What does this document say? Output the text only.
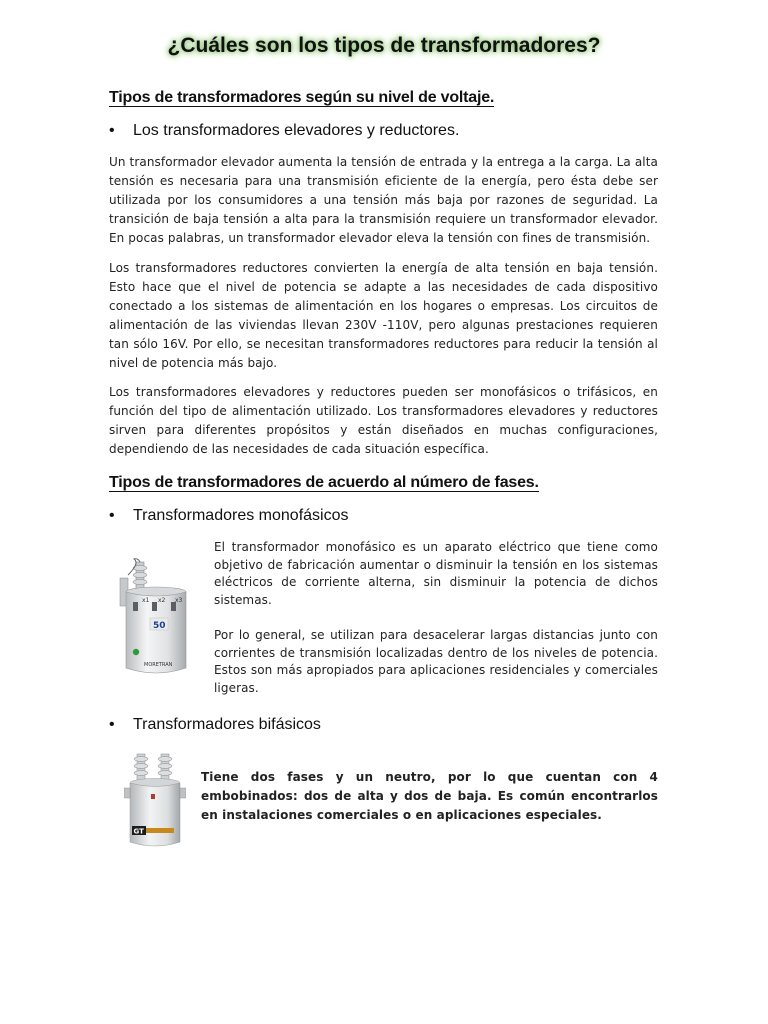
¿Cuáles son los tipos de transformadores?
Tipos de transformadores según su nivel de voltaje.
• Los transformadores elevadores y reductores.
Un transformador elevador aumenta la tensión de entrada y la entrega a la carga. La alta tensión es necesaria para una transmisión eficiente de la energía, pero ésta debe ser utilizada por los consumidores a una tensión más baja por razones de seguridad. La transición de baja tensión a alta para la transmisión requiere un transformador elevador. En pocas palabras, un transformador elevador eleva la tensión con fines de transmisión.
Los transformadores reductores convierten la energía de alta tensión en baja tensión. Esto hace que el nivel de potencia se adapte a las necesidades de cada dispositivo conectado a los sistemas de alimentación en los hogares o empresas. Los circuitos de alimentación de las viviendas llevan 230V -110V, pero algunas prestaciones requieren tan sólo 16V. Por ello, se necesitan transformadores reductores para reducir la tensión al nivel de potencia más bajo.
Los transformadores elevadores y reductores pueden ser monofásicos o trifásicos, en función del tipo de alimentación utilizado. Los transformadores elevadores y reductores sirven para diferentes propósitos y están diseñados en muchas configuraciones, dependiendo de las necesidades de cada situación específica.
Tipos de transformadores de acuerdo al número de fases.
• Transformadores monofásicos
x1 x2 x3
50
MORETRAN
El transformador monofásico es un aparato eléctrico que tiene como objetivo de fabricación aumentar o disminuir la tensión en los sistemas eléctricos de corriente alterna, sin disminuir la potencia de dichos sistemas.
Por lo general, se utilizan para desacelerar largas distancias junto con corrientes de transmisión localizadas dentro de los niveles de potencia. Estos son más apropiados para aplicaciones residenciales y comerciales ligeras.
• Transformadores bifásicos
GT
Tiene dos fases y un neutro, por lo que cuentan con 4 embobinados: dos de alta y dos de baja. Es común encontrarlos en instalaciones comerciales o en aplicaciones especiales.
